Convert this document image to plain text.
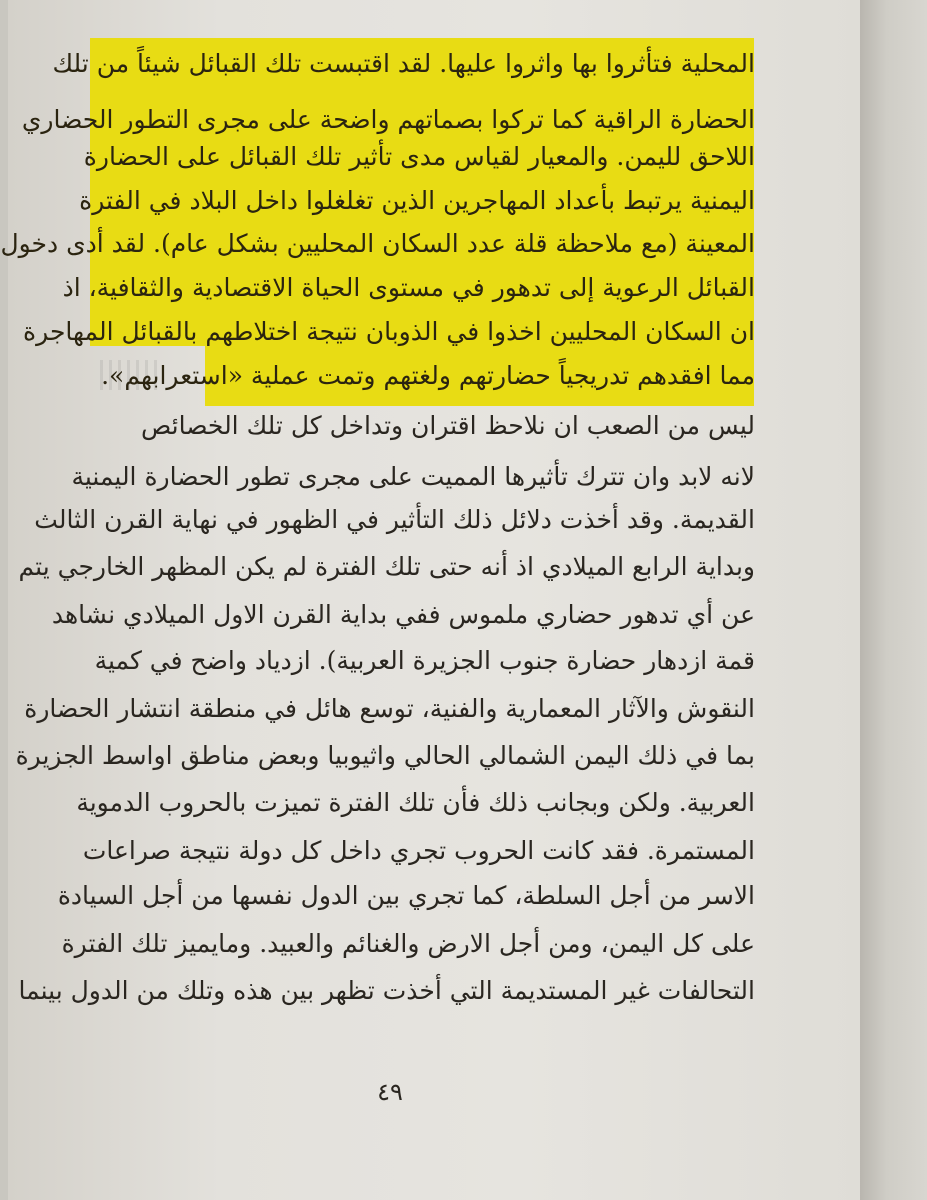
المحلية فتأثروا بها واثروا عليها. لقد اقتبست تلك القبائل شيئاً من تلك
الحضارة الراقية كما تركوا بصماتهم واضحة على مجرى التطور الحضاري
اللاحق لليمن. والمعيار لقياس مدى تأثير تلك القبائل على الحضارة
اليمنية يرتبط بأعداد المهاجرين الذين تغلغلوا داخل البلاد في الفترة
المعينة (مع ملاحظة قلة عدد السكان المحليين بشكل عام). لقد أدى دخول
القبائل الرعوية إلى تدهور في مستوى الحياة الاقتصادية والثقافية، اذ
ان السكان المحليين اخذوا في الذوبان نتيجة اختلاطهم بالقبائل المهاجرة
مما افقدهم تدريجياً حضارتهم ولغتهم وتمت عملية «استعرابهم».
ليس من الصعب ان نلاحظ اقتران وتداخل كل تلك الخصائص
لانه لابد وان تترك تأثيرها المميت على مجرى تطور الحضارة اليمنية
القديمة. وقد أخذت دلائل ذلك التأثير في الظهور في نهاية القرن الثالث
وبداية الرابع الميلادي اذ أنه حتى تلك الفترة لم يكن المظهر الخارجي يتم
عن أي تدهور حضاري ملموس ففي بداية القرن الاول الميلادي نشاهد
قمة ازدهار حضارة جنوب الجزيرة العربية). ازدياد واضح في كمية
النقوش والآثار المعمارية والفنية، توسع هائل في منطقة انتشار الحضارة
بما في ذلك اليمن الشمالي الحالي واثيوبيا وبعض مناطق اواسط الجزيرة
العربية. ولكن وبجانب ذلك فأن تلك الفترة تميزت بالحروب الدموية
المستمرة. فقد كانت الحروب تجري داخل كل دولة نتيجة صراعات
الاسر من أجل السلطة، كما تجري بين الدول نفسها من أجل السيادة
على كل اليمن، ومن أجل الارض والغنائم والعبيد. ومايميز تلك الفترة
التحالفات غير المستديمة التي أخذت تظهر بين هذه وتلك من الدول بينما
٤٩
